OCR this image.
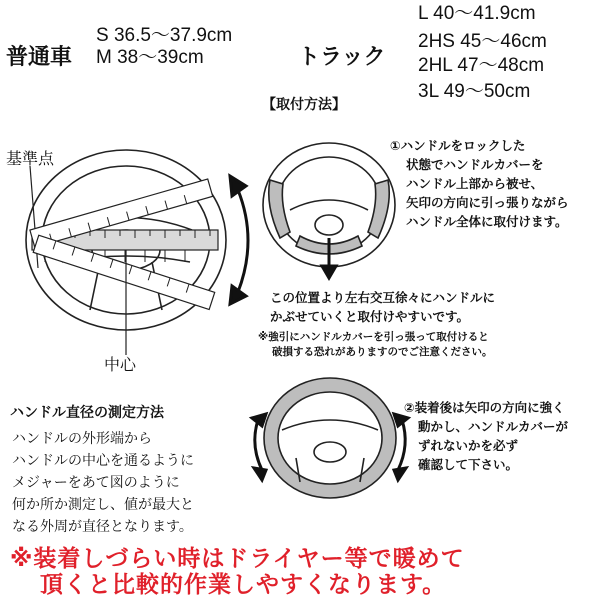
普通車
S 36.5～37.9cm
M 38～39cm	トラック
L 40～41.9cm
2HS 45～46cm
2HL 47～48cm
3L 49～50cm
【取付方法】
基準点
中心
①ハンドルをロックした
状態でハンドルカバーを
ハンドル上部から被せ、
矢印の方向に引っ張りながら
ハンドル全体に取付けます。
この位置より左右交互徐々にハンドルに
かぶせていくと取付けやすいです。
※強引にハンドルカバーを引っ張って取付けると
破損する恐れがありますのでご注意ください。
②装着後は矢印の方向に強く
動かし、ハンドルカバーが
ずれないかを必ず
確認して下さい。
ハンドル直径の測定方法
ハンドルの外形端から
ハンドルの中心を通るように
メジャーをあて図のように
何か所か測定し、値が最大と
なる外周が直径となります。
※装着しづらい時はドライヤー等で暖めて
頂くと比較的作業しやすくなります。
